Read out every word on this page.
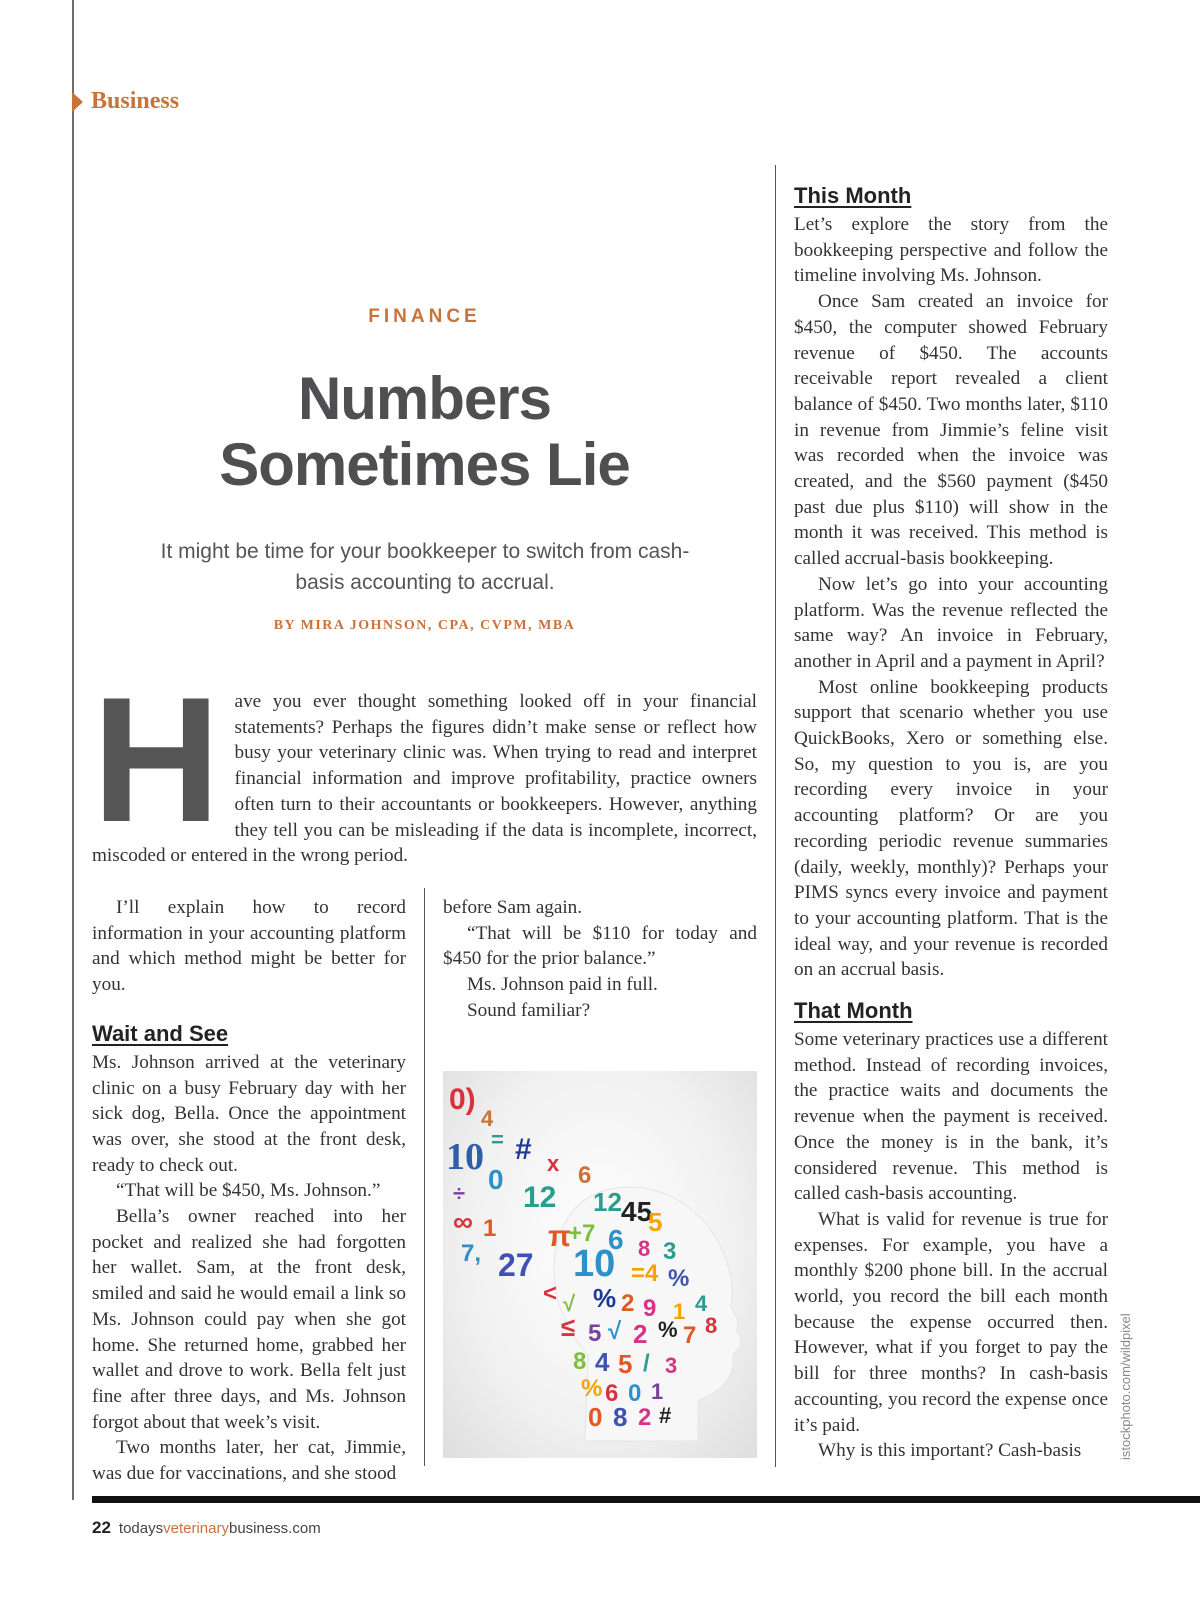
Business
FINANCE
Numbers
Sometimes Lie
It might be time for your bookkeeper to switch from cash-basis accounting to accrual.
BY MIRA JOHNSON, CPA, CVPM, MBA
H ave you ever thought something looked off in your financial statements? Perhaps the figures didn’t make sense or reflect how busy your veterinary clinic was. When trying to read and interpret financial information and improve profitability, practice owners often turn to their accountants or bookkeepers. However, anything they tell you can be misleading if the data is incomplete, incorrect, miscoded or entered in the wrong period.

I’ll explain how to record information in your accounting platform and which method might be better for you.

Wait and See

Ms. Johnson arrived at the veterinary clinic on a busy February day with her sick dog, Bella. Once the appointment was over, she stood at the front desk, ready to check out.

“That will be $450, Ms. Johnson.”

Bella’s owner reached into her pocket and realized she had forgotten her wallet. Sam, at the front desk, smiled and said he would email a link so Ms. Johnson could pay when she got home. She returned home, grabbed her wallet and drove to work. Bella felt just fine after three days, and Ms. Johnson forgot about that week’s visit.

Two months later, her cat, Jimmie, was due for vaccinations, and she stood

before Sam again.

“That will be $110 for today and $450 for the prior balance.”

Ms. Johnson paid in full.

Sound familiar?

0)
4
10 = # x 6
0
12
÷
∞ 1
7, 27
12 45
5
π
+7 6 8 3
10 =4 %
< √ % 2 9 1 4
≤ 5 √ 2 % 7 8
8 4 5 / 3
% 6 0 1
0 8 2 #
This Month

Let’s explore the story from the bookkeeping perspective and follow the timeline involving Ms. Johnson.

Once Sam created an invoice for $450, the computer showed February revenue of $450. The accounts receivable report revealed a client balance of $450. Two months later, $110 in revenue from Jimmie’s feline visit was recorded when the invoice was created, and the $560 payment ($450 past due plus $110) will show in the month it was received. This method is called accrual-basis bookkeeping.

Now let’s go into your accounting platform. Was the revenue reflected the same way? An invoice in February, another in April and a payment in April?

Most online bookkeeping products support that scenario whether you use QuickBooks, Xero or something else. So, my question to you is, are you recording every invoice in your accounting platform? Or are you recording periodic revenue summaries (daily, weekly, monthly)? Perhaps your PIMS syncs every invoice and payment to your accounting platform. That is the ideal way, and your revenue is recorded on an accrual basis.

That Month

Some veterinary practices use a different method. Instead of recording invoices, the practice waits and documents the revenue when the payment is received. Once the money is in the bank, it’s considered revenue. This method is called cash-basis accounting.

What is valid for revenue is true for expenses. For example, you have a monthly $200 phone bill. In the accrual world, you record the bill each month because the expense occurred then. However, what if you forget to pay the bill for three months? In cash-basis accounting, you record the expense once it’s paid.

Why is this important? Cash-basis	istockphoto.com/wildpixel
22 todaysveterinarybusiness.com
